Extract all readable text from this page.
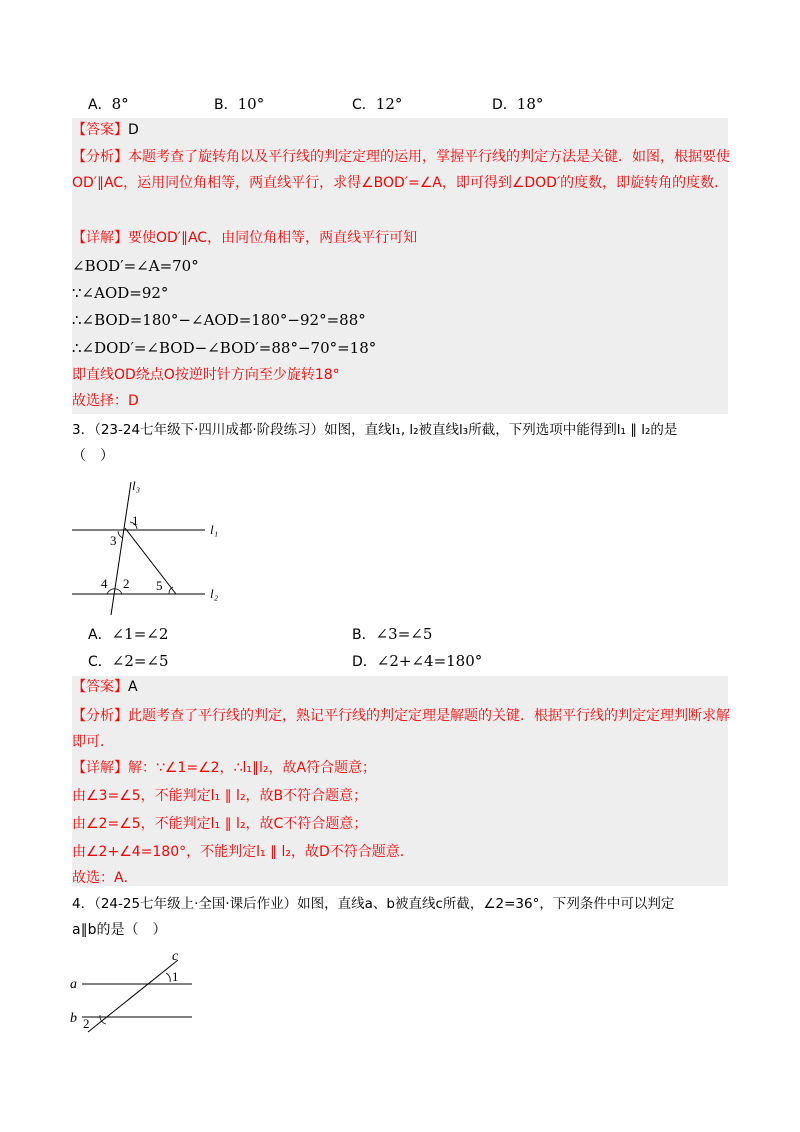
A．8°	B．10°	C．12°	D．18°
【答案】D
【分析】本题考查了旋转角以及平行线的判定定理的运用，掌握平行线的判定方法是关键．如图，根据要使OD′∥AC，运用同位角相等，两直线平行，求得∠BOD′=∠A，即可得到∠DOD′的度数，即旋转角的度数．
【详解】要使OD′∥AC，由同位角相等，两直线平行可知
∠BOD′=∠A=70°
∵∠AOD=92°
∴∠BOD=180°−∠AOD=180°−92°=88°
∴∠DOD′=∠BOD−∠BOD′=88°−70°=18°
即直线OD绕点O按逆时针方向至少旋转18°
故选择：D
3．（23-24七年级下·四川成都·阶段练习）如图，直线l₁, l₂被直线l₃所截，下列选项中能得到l₁ ∥ l₂的是
（　）
l₃
l₁
l₂
1
3
4 2 5
A．∠1=∠2	B．∠3=∠5
C．∠2=∠5	D．∠2+∠4=180°
【答案】A
【分析】此题考查了平行线的判定，熟记平行线的判定定理是解题的关键．根据平行线的判定定理判断求解即可．
【详解】解：∵∠1=∠2，∴l₁∥l₂，故A符合题意；
由∠3=∠5，不能判定l₁ ∥ l₂，故B不符合题意；
由∠2=∠5，不能判定l₁ ∥ l₂，故C不符合题意；
由∠2+∠4=180°，不能判定l₁ ∥ l₂，故D不符合题意．
故选：A．
4．（24-25七年级上·全国·课后作业）如图，直线a、b被直线c所截，∠2=36°，下列条件中可以判定
a∥b的是（　）
a
b
c
1
2
